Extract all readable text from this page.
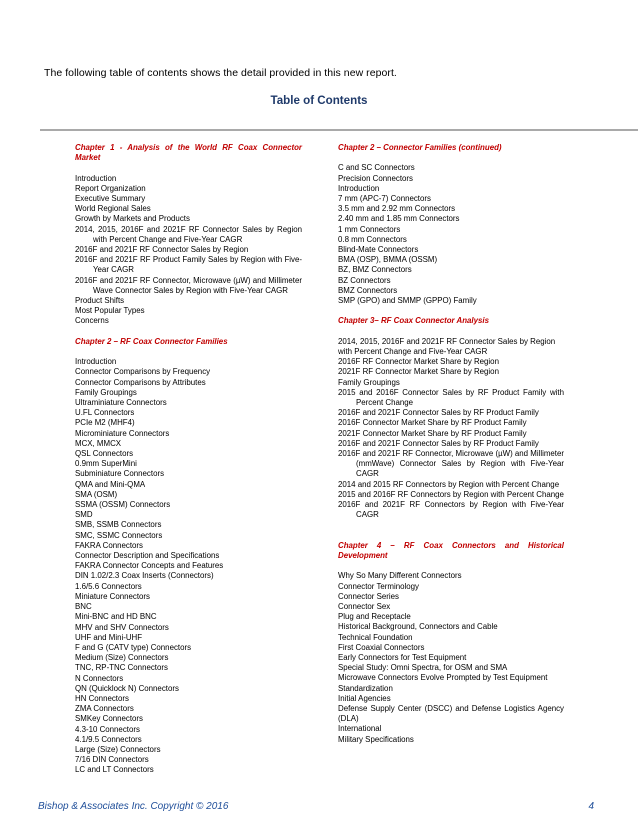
The following table of contents shows the detail provided in this new report.
Table of Contents
Chapter 1 - Analysis of the World RF Coax Connector Market
Introduction
Report Organization
Executive Summary
World Regional Sales
Growth by Markets and Products
2014, 2015, 2016F and 2021F RF Connector Sales by Region with Percent Change and Five-Year CAGR
2016F and 2021F RF Connector Sales by Region
2016F and 2021F RF Product Family Sales by Region with Five-Year CAGR
2016F and 2021F RF Connector, Microwave (µW) and Millimeter Wave Connector Sales by Region with Five-Year CAGR
Product Shifts
Most Popular Types
Concerns
Chapter 2 – RF Coax Connector Families
Introduction
Connector Comparisons by Frequency
Connector Comparisons by Attributes
Family Groupings
Ultraminiature Connectors
U.FL Connectors
PCIe M2 (MHF4)
Microminiature Connectors
MCX, MMCX
QSL Connectors
0.9mm SuperMini
Subminiature Connectors
QMA and Mini-QMA
SMA (OSM)
SSMA (OSSM) Connectors
SMD
SMB, SSMB Connectors
SMC, SSMC Connectors
FAKRA Connectors
Connector Description and Specifications
FAKRA Connector Concepts and Features
DIN 1.02/2.3 Coax Inserts (Connectors)
1.6/5.6 Connectors
Miniature Connectors
BNC
Mini-BNC and HD BNC
MHV and SHV Connectors
UHF and Mini-UHF
F and G (CATV type) Connectors
Medium (Size) Connectors
TNC, RP-TNC Connectors
N Connectors
QN (Quicklock N) Connectors
HN Connectors
ZMA Connectors
SMKey Connectors
4.3-10 Connectors
4.1/9.5 Connectors
Large (Size) Connectors
7/16 DIN Connectors
LC and LT Connectors
Chapter 2 – Connector Families (continued)
C and SC Connectors
Precision Connectors
Introduction
7 mm (APC-7) Connectors
3.5 mm and 2.92 mm Connectors
2.40 mm and 1.85 mm Connectors
1 mm Connectors
0.8 mm Connectors
Blind-Mate Connectors
BMA (OSP), BMMA (OSSM)
BZ, BMZ Connectors
BZ Connectors
BMZ Connectors
SMP (GPO) and SMMP (GPPO) Family
Chapter 3– RF Coax Connector Analysis
2014, 2015, 2016F and 2021F RF Connector Sales by Region with Percent Change and Five-Year CAGR
2016F RF Connector Market Share by Region
2021F RF Connector Market Share by Region
Family Groupings
2015 and 2016F Connector Sales by RF Product Family with Percent Change
2016F and 2021F Connector Sales by RF Product Family
2016F Connector Market Share by RF Product Family
2021F Connector Market Share by RF Product Family
2016F and 2021F Connector Sales by RF Product Family
2016F and 2021F RF Connector, Microwave (µW) and Millimeter (mmWave) Connector Sales by Region with Five-Year CAGR
2014 and 2015 RF Connectors by Region with Percent Change
2015 and 2016F RF Connectors by Region with Percent Change
2016F and 2021F RF Connectors by Region with Five-Year CAGR
Chapter 4 – RF Coax Connectors and Historical Development
Why So Many Different Connectors
Connector Terminology
Connector Series
Connector Sex
Plug and Receptacle
Historical Background, Connectors and Cable
Technical Foundation
First Coaxial Connectors
Early Connectors for Test Equipment
Special Study: Omni Spectra, for OSM and SMA
Microwave Connectors Evolve Prompted by Test Equipment
Standardization
Initial Agencies
Defense Supply Center (DSCC) and Defense Logistics Agency (DLA)
International
Military Specifications
Bishop & Associates Inc. Copyright © 2016	4
